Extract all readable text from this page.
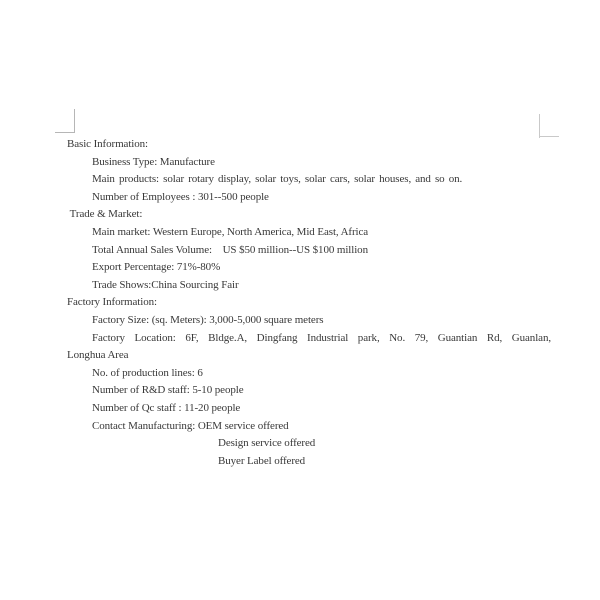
Basic Information:
Business Type: Manufacture
Main products: solar rotary display, solar toys, solar cars, solar houses, and so on.
Number of Employees : 301--500 people
Trade & Market:
Main market: Western Europe, North America, Mid East, Africa
Total Annual Sales Volume:    US $50 million--US $100 million
Export Percentage: 71%-80%
Trade Shows:China Sourcing Fair
Factory Information:
Factory Size: (sq. Meters): 3,000-5,000 square meters
Factory Location: 6F, Bldge.A, Dingfang Industrial park, No. 79, Guantian Rd, Guanlan,
Longhua Area
No. of production lines: 6
Number of R&D staff: 5-10 people
Number of Qc staff : 11-20 people
Contact Manufacturing: OEM service offered
Design service offered
Buyer Label offered
